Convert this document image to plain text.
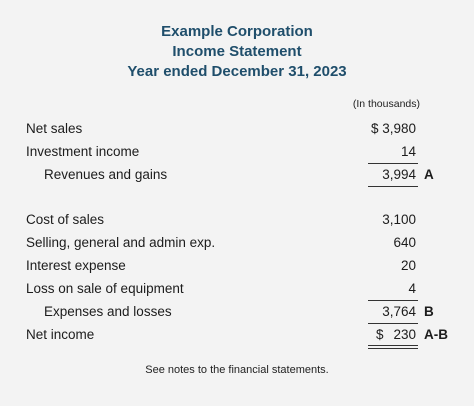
Example Corporation
Income Statement
Year ended December 31, 2023
(In thousands)
Net sales	$ 3,980
Investment income	14
Revenues and gains	3,994 A
Cost of sales	3,100
Selling, general and admin exp.	640
Interest expense	20
Loss on sale of equipment	4
Expenses and losses	3,764 B
Net income	$ 230 A-B
See notes to the financial statements.
